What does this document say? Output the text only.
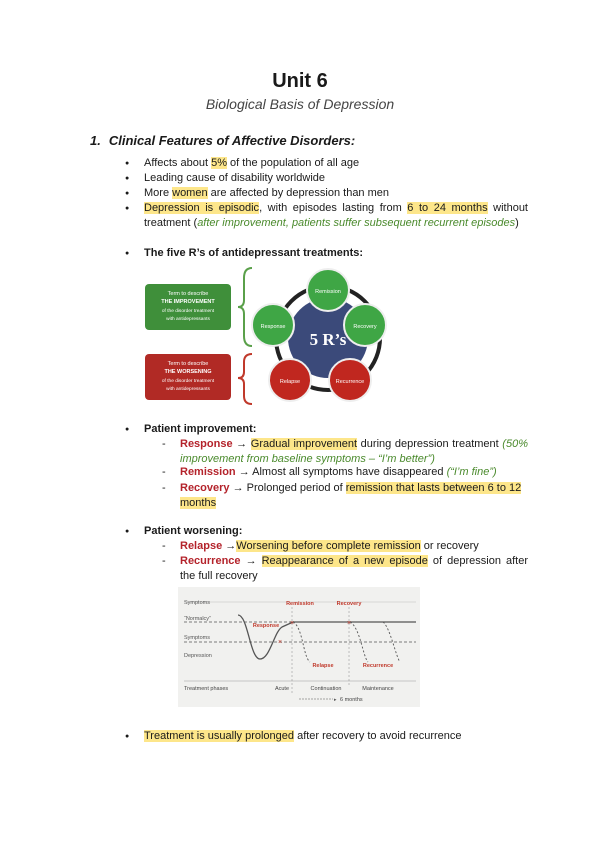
Unit 6
Biological Basis of Depression
1. Clinical Features of Affective Disorders:
● Affects about 5% of the population of all age
● Leading cause of disability worldwide
● More women are affected by depression than men
● Depression is episodic, with episodes lasting from 6 to 24 months without treatment (after improvement, patients suffer subsequent recurrent episodes)
● The five R’s of antidepressant treatments:
Term to describe
THE IMPROVEMENT
of the disorder treatment
with antidepressants
Term to describe
THE WORSENING
of the disorder treatment
with antidepressants
5 R’s
Remission
Recovery
Recurrence
Relapse
Response
● Patient improvement:
- Response → Gradual improvement during depression treatment (50% improvement from baseline symptoms – “I’m better”)
- Remission → Almost all symptoms have disappeared (“I’m fine”)
- Recovery → Prolonged period of remission that lasts between 6 to 12 months
● Patient worsening:
- Relapse →Worsening before complete remission or recovery
- Recurrence → Reappearance of a new episode of depression after the full recovery
Symptoms
“Normalcy”
Symptoms
Depression
×
×	×
Remission	Recovery
Response
Relapse	Recurrence
Treatment phases	Acute	Continuation	Maintenance
▸ 6 months
● Treatment is usually prolonged after recovery to avoid recurrence
